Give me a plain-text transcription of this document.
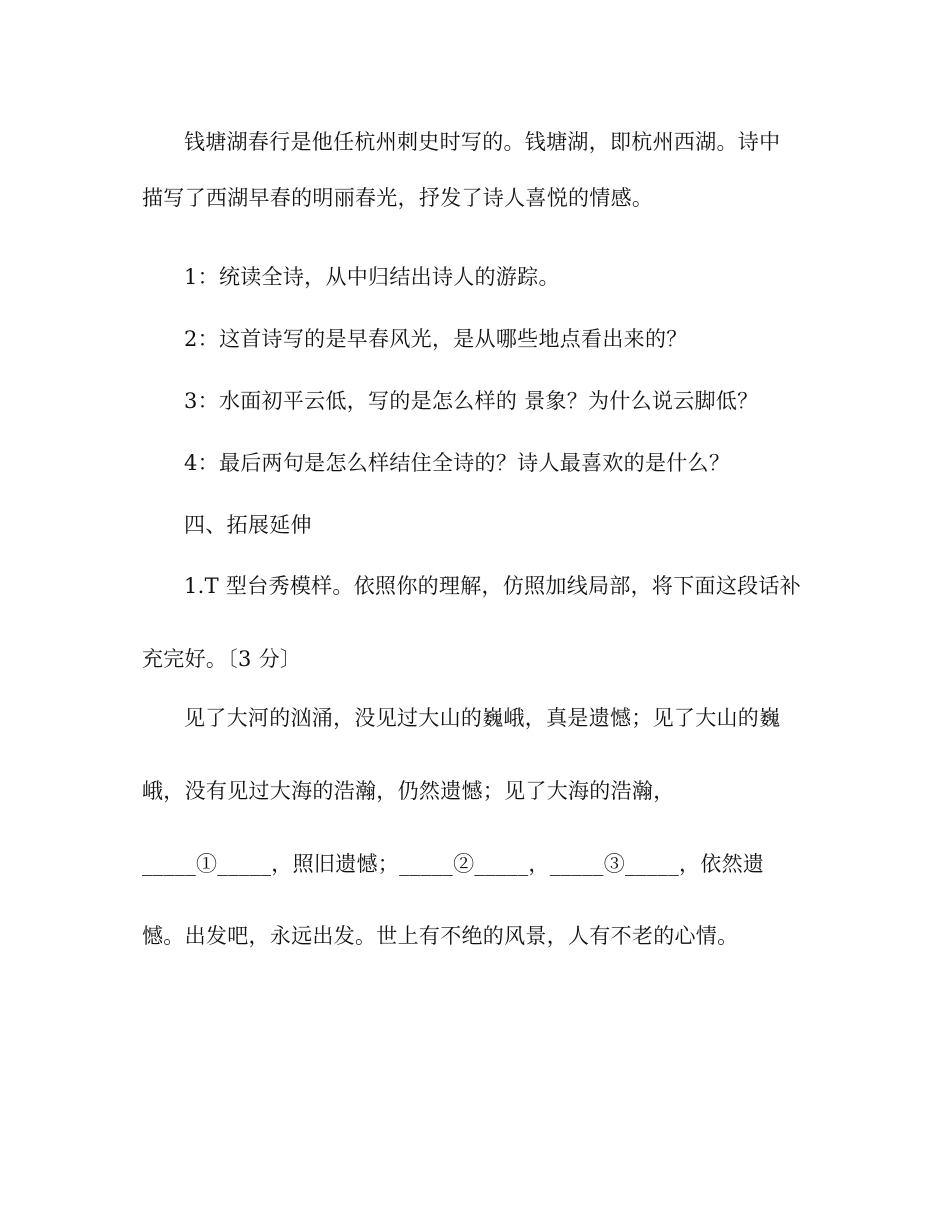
钱塘湖春行是他任杭州刺史时写的。钱塘湖，即杭州西湖。诗中
描写了西湖早春的明丽春光，抒发了诗人喜悦的情感。
1：统读全诗，从中归结出诗人的游踪。
2：这首诗写的是早春风光，是从哪些地点看出来的？
3：水面初平云低，写的是怎么样的 景象？为什么说云脚低？
4：最后两句是怎么样结住全诗的？诗人最喜欢的是什么？
四、拓展延伸
1.T 型台秀模样。依照你的理解，仿照加线局部，将下面这段话补
充完好。〔3 分〕
见了大河的汹涌，没见过大山的巍峨，真是遗憾；见了大山的巍
峨，没有见过大海的浩瀚，仍然遗憾；见了大海的浩瀚，
_____①_____，照旧遗憾；_____②_____，_____③_____，依然遗
憾。出发吧，永远出发。世上有不绝的风景，人有不老的心情。
